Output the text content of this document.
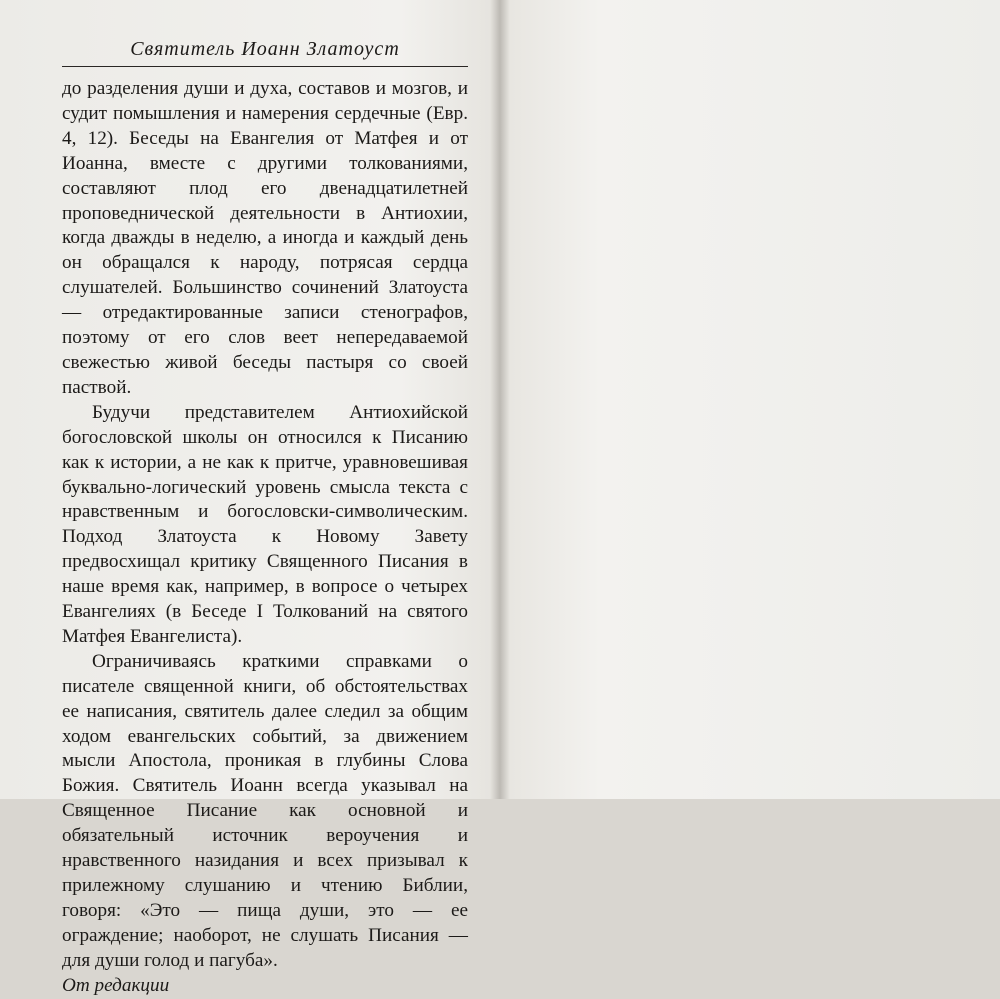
Святитель Иоанн Златоуст

до разделения души и духа, составов и мозгов, и судит помышления и намерения сердечные (Евр. 4, 12). Беседы на Евангелия от Матфея и от Иоанна, вместе с другими толкованиями, составляют плод его двенадцатилетней проповеднической деятельности в Антиохии, когда дважды в неделю, а иногда и каждый день он обращался к народу, потрясая сердца слушателей. Большинство сочинений Златоуста — отредактированные записи стенографов, поэтому от его слов веет непередаваемой свежестью живой беседы пастыря со своей паствой.

Будучи представителем Антиохийской богословской школы он относился к Писанию как к истории, а не как к притче, уравновешивая буквально-логический уровень смысла текста с нравственным и богословски-символическим. Подход Златоуста к Новому Завету предвосхищал критику Священного Писания в наше время как, например, в вопросе о четырех Евангелиях (в Беседе I Толкований на святого Матфея Евангелиста).

Ограничиваясь краткими справками о писателе священной книги, об обстоятельствах ее написания, святитель далее следил за общим ходом евангельских событий, за движением мысли Апостола, проникая в глубины Слова Божия. Святитель Иоанн всегда указывал на Священное Писание как основной и обязательный источник вероучения и нравственного назидания и всех призывал к прилежному слушанию и чтению Библии, говоря: «Это — пища души, это — ее ограждение; наоборот, не слушать Писания — для души голод и пагуба».

От редакции
